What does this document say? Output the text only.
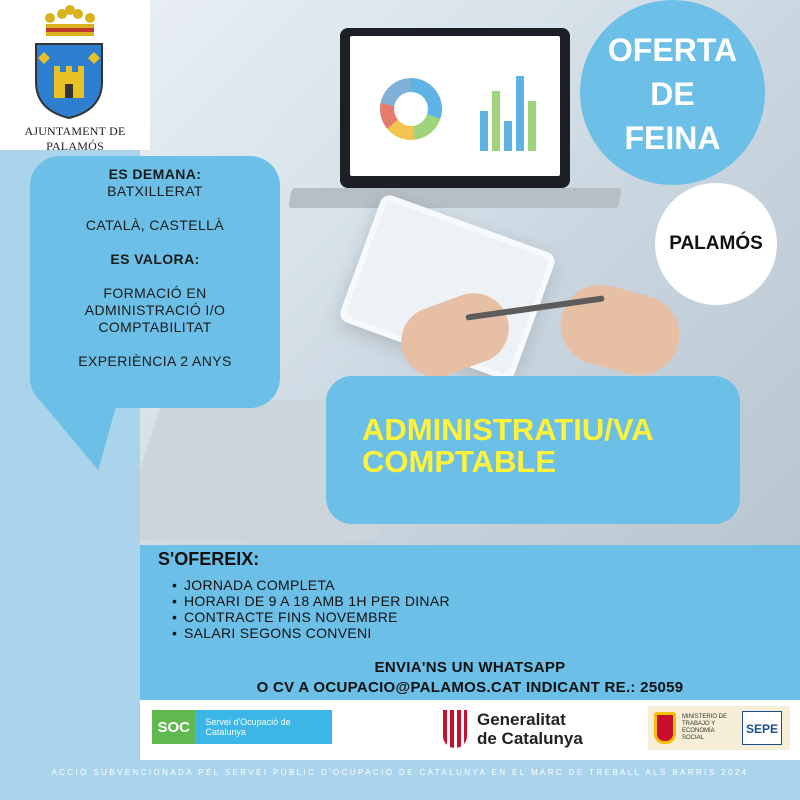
AJUNTAMENT DE PALAMÓS
ES DEMANA:
BATXILLERAT
CATALÀ, CASTELLÀ
ES VALORA:
FORMACIÓ EN ADMINISTRACIÓ I/O COMPTABILITAT
EXPERIÈNCIA 2 ANYS
OFERTA
DE
FEINA
PALAMÓS
ADMINISTRATIU/VA
COMPTABLE
S'OFEREIX:
• JORNADA COMPLETA
• HORARI DE 9 A 18 AMB 1H PER DINAR
• CONTRACTE FINS NOVEMBRE
• SALARI SEGONS CONVENI
ENVIA'NS UN WHATSAPP
O CV A OCUPACIO@PALAMOS.CAT INDICANT RE.: 25059
SOC	Servei d'Ocupació de Catalunya
Generalitat
de Catalunya
MINISTERIO DE TRABAJO Y ECONOMÍA SOCIAL
SEPE
ACCIÓ SUBVENCIONADA PEL SERVEI PÚBLIC D'OCUPACIÓ DE CATALUNYA EN EL MARC DE TREBALL ALS BARRIS 2024
